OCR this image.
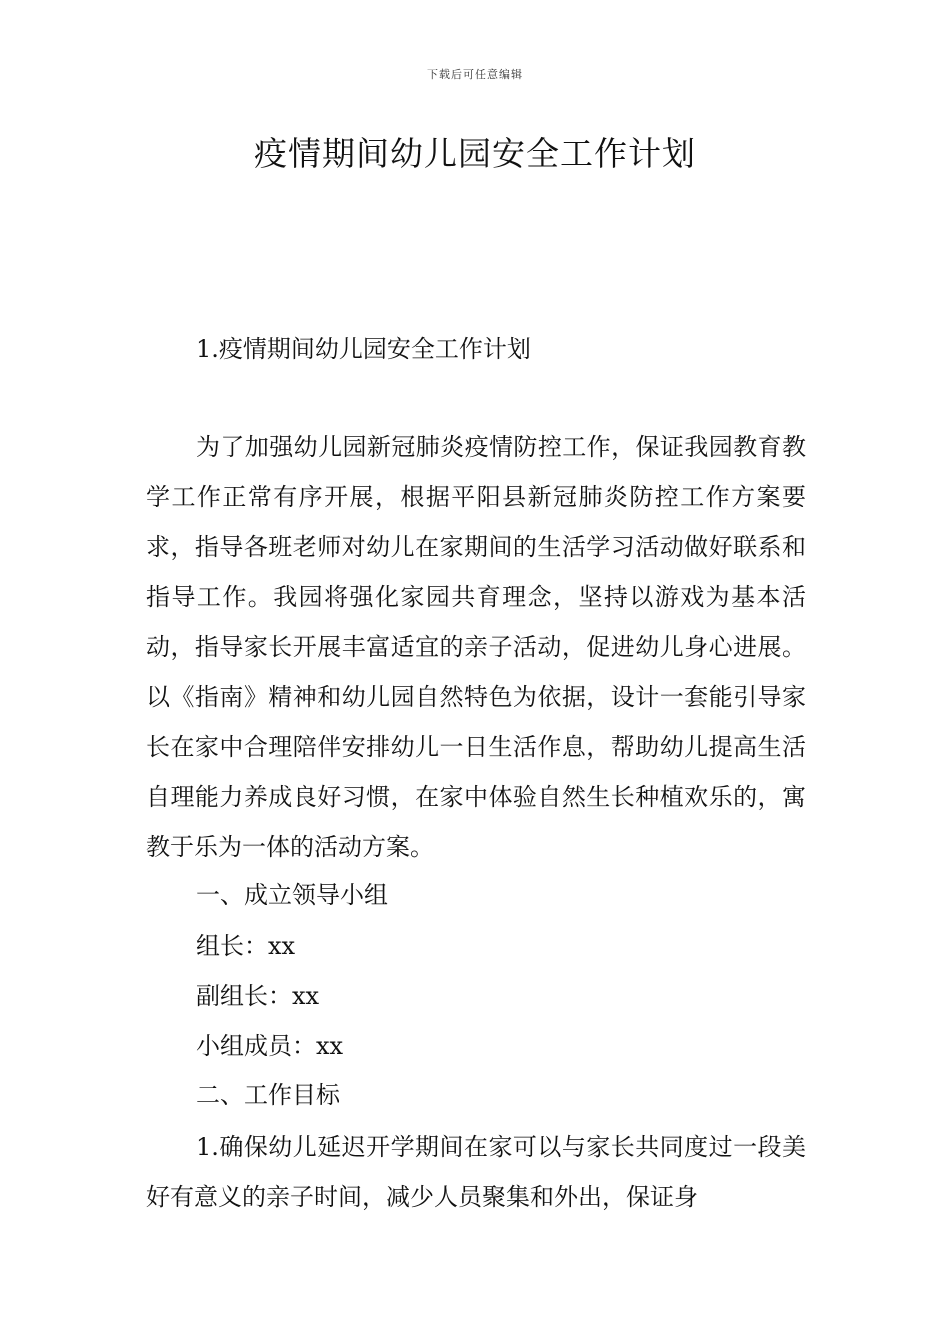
下载后可任意编辑
疫情期间幼儿园安全工作计划
1.疫情期间幼儿园安全工作计划

为了加强幼儿园新冠肺炎疫情防控工作，保证我园教育教学工作正常有序开展，根据平阳县新冠肺炎防控工作方案要求，指导各班老师对幼儿在家期间的生活学习活动做好联系和指导工作。我园将强化家园共育理念，坚持以游戏为基本活动，指导家长开展丰富适宜的亲子活动，促进幼儿身心进展。以《指南》精神和幼儿园自然特色为依据，设计一套能引导家长在家中合理陪伴安排幼儿一日生活作息，帮助幼儿提高生活自理能力养成良好习惯，在家中体验自然生长种植欢乐的，寓教于乐为一体的活动方案。

一、成立领导小组
组长：xx
副组长：xx
小组成员：xx
二、工作目标

1.确保幼儿延迟开学期间在家可以与家长共同度过一段美好有意义的亲子时间，减少人员聚集和外出，保证身
